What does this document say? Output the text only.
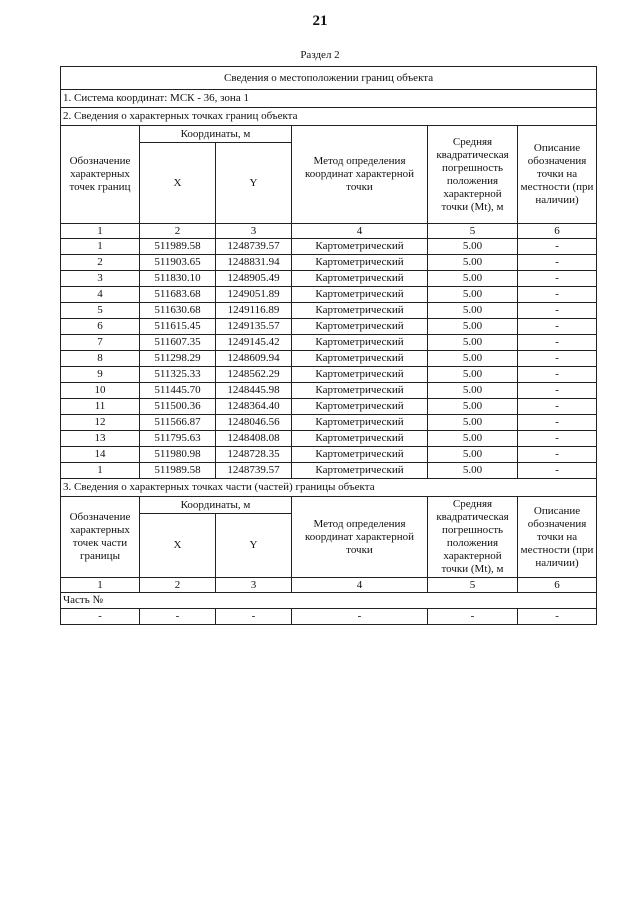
21
Раздел 2
Сведения о местоположении границ объекта					
1. Система координат: МСК - 36, зона 1					
2. Сведения о характерных точках границ объекта					
Обозначение характерных точек границ	Координаты, м		Метод определения координат характерной точки	Средняя квадратическая погрешность положения характерной точки (Mt), м	Описание обозначения точки на местности (при наличии)
	X	Y			
1	2	3	4	5	6
1	511989.58	1248739.57	Картометрический	5.00	-
2	511903.65	1248831.94	Картометрический	5.00	-
3	511830.10	1248905.49	Картометрический	5.00	-
4	511683.68	1249051.89	Картометрический	5.00	-
5	511630.68	1249116.89	Картометрический	5.00	-
6	511615.45	1249135.57	Картометрический	5.00	-
7	511607.35	1249145.42	Картометрический	5.00	-
8	511298.29	1248609.94	Картометрический	5.00	-
9	511325.33	1248562.29	Картометрический	5.00	-
10	511445.70	1248445.98	Картометрический	5.00	-
11	511500.36	1248364.40	Картометрический	5.00	-
12	511566.87	1248046.56	Картометрический	5.00	-
13	511795.63	1248408.08	Картометрический	5.00	-
14	511980.98	1248728.35	Картометрический	5.00	-
1	511989.58	1248739.57	Картометрический	5.00	-
3. Сведения о характерных точках части (частей) границы объекта					
Обозначение характерных точек части границы	Координаты, м		Метод определения координат характерной точки	Средняя квадратическая погрешность положения характерной точки (Mt), м	Описание обозначения точки на местности (при наличии)
	X	Y			
1	2	3	4	5	6
Часть №					
-	-	-	-	-	-
